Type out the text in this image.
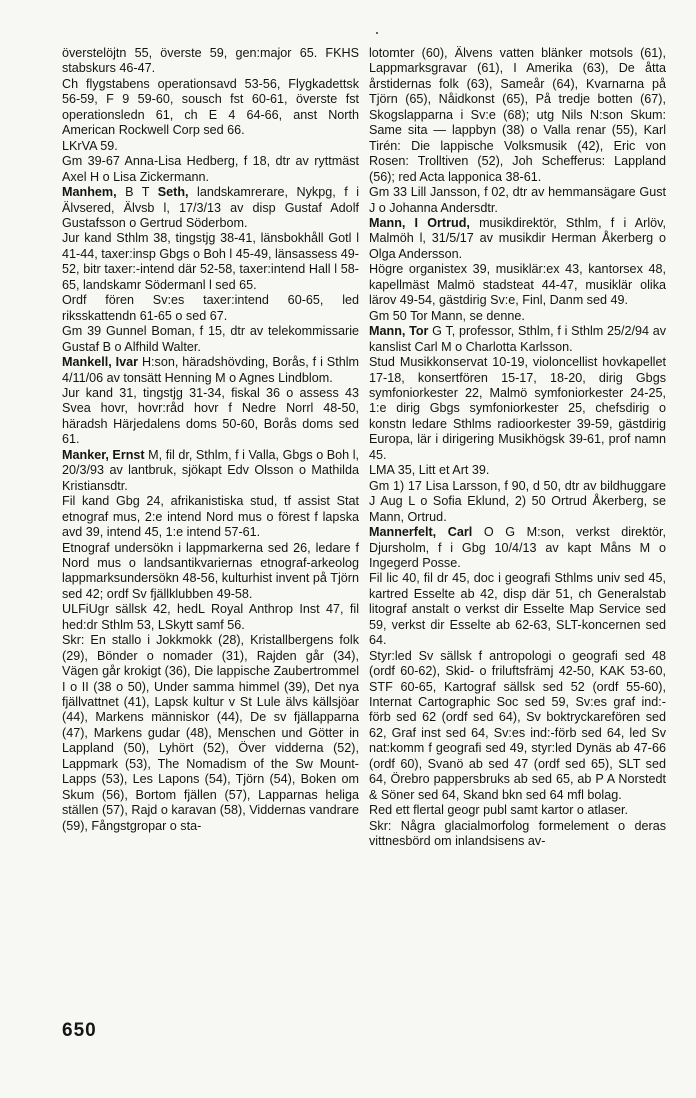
överstelöjtn 55, överste 59, gen:major 65. FKHS stabskurs 46-47.

Ch flygstabens operationsavd 53-56, Flygkadettsk 56-59, F 9 59-60, sousch fst 60-61, överste fst operationsledn 61, ch E 4 64-66, anst North American Rockwell Corp sed 66.

LKrVA 59.

Gm 39-67 Anna-Lisa Hedberg, f 18, dtr av ryttmäst Axel H o Lisa Zickermann.

Manhem, B T Seth, landskamrerare, Nykpg, f i Älvsered, Älvsb l, 17/3/13 av disp Gustaf Adolf Gustafsson o Gertrud Söderbom.

Jur kand Sthlm 38, tingstjg 38-41, länsbokhåll Gotl l 41-44, taxer:insp Gbgs o Boh l 45-49, länsassess 49-52, bitr taxer:-intend där 52-58, taxer:intend Hall l 58-65, landskamr Södermanl l sed 65.

Ordf fören Sv:es taxer:intend 60-65, led riksskattendn 61-65 o sed 67.

Gm 39 Gunnel Boman, f 15, dtr av telekommissarie Gustaf B o Alfhild Walter.

Mankell, Ivar H:son, häradshövding, Borås, f i Sthlm 4/11/06 av tonsätt Henning M o Agnes Lindblom.

Jur kand 31, tingstjg 31-34, fiskal 36 o assess 43 Svea hovr, hovr:råd hovr f Nedre Norrl 48-50, häradsh Härjedalens doms 50-60, Borås doms sed 61.

Manker, Ernst M, fil dr, Sthlm, f i Valla, Gbgs o Boh l, 20/3/93 av lantbruk, sjökapt Edv Olsson o Mathilda Kristiansdtr.

Fil kand Gbg 24, afrikanistiska stud, tf assist Stat etnograf mus, 2:e intend Nord mus o förest f lapska avd 39, intend 45, 1:e intend 57-61.

Etnograf undersökn i lappmarkerna sed 26, ledare f Nord mus o landsantikvariernas etnograf-arkeolog lappmarksundersökn 48-56, kulturhist invent på Tjörn sed 42; ordf Sv fjällklubben 49-58.

ULFiUgr sällsk 42, hedL Royal Anthrop Inst 47, fil hed:dr Sthlm 53, LSkytt samf 56.

Skr: En stallo i Jokkmokk (28), Kristallbergens folk (29), Bönder o nomader (31), Rajden går (34), Vägen går krokigt (36), Die lappische Zaubertrommel I o II (38 o 50), Under samma himmel (39), Det nya fjällvattnet (41), Lapsk kultur v St Lule älvs källsjöar (44), Markens människor (44), De sv fjällapparna (47), Markens gudar (48), Menschen und Götter in Lappland (50), Lyhört (52), Över vidderna (52), Lappmark (53), The Nomadism of the Sw Mount-Lapps (53), Les Lapons (54), Tjörn (54), Boken om Skum (56), Bortom fjällen (57), Lapparnas heliga ställen (57), Rajd o karavan (58), Viddernas vandrare (59), Fångstgropar o sta-

lotomter (60), Älvens vatten blänker motsols (61), Lappmarksgravar (61), I Amerika (63), De åtta årstidernas folk (63), Sameår (64), Kvarnarna på Tjörn (65), Nåidkonst (65), På tredje botten (67), Skogslapparna i Sv:e (68); utg Nils N:son Skum: Same sita — lappbyn (38) o Valla renar (55), Karl Tirén: Die lappische Volksmusik (42), Eric von Rosen: Trolltiven (52), Joh Schefferus: Lappland (56); red Acta lapponica 38-61.

Gm 33 Lill Jansson, f 02, dtr av hemmansägare Gust J o Johanna Andersdtr.

Mann, I Ortrud, musikdirektör, Sthlm, f i Arlöv, Malmöh l, 31/5/17 av musikdir Herman Åkerberg o Olga Andersson.

Högre organistex 39, musiklär:ex 43, kantorsex 48, kapellmäst Malmö stadsteat 44-47, musiklär olika lärov 49-54, gästdirig Sv:e, Finl, Danm sed 49.

Gm 50 Tor Mann, se denne.

Mann, Tor G T, professor, Sthlm, f i Sthlm 25/2/94 av kanslist Carl M o Charlotta Karlsson.

Stud Musikkonservat 10-19, violoncellist hovkapellet 17-18, konsertfören 15-17, 18-20, dirig Gbgs symfoniorkester 22, Malmö symfoniorkester 24-25, 1:e dirig Gbgs symfoniorkester 25, chefsdirig o konstn ledare Sthlms radioorkester 39-59, gästdirig Europa, lär i dirigering Musikhögsk 39-61, prof namn 45.

LMA 35, Litt et Art 39.

Gm 1) 17 Lisa Larsson, f 90, d 50, dtr av bildhuggare J Aug L o Sofia Eklund, 2) 50 Ortrud Åkerberg, se Mann, Ortrud.

Mannerfelt, Carl O G M:son, verkst direktör, Djursholm, f i Gbg 10/4/13 av kapt Måns M o Ingegerd Posse.

Fil lic 40, fil dr 45, doc i geografi Sthlms univ sed 45, kartred Esselte ab 42, disp där 51, ch Generalstab litograf anstalt o verkst dir Esselte Map Service sed 59, verkst dir Esselte ab 62-63, SLT-koncernen sed 64.

Styr:led Sv sällsk f antropologi o geografi sed 48 (ordf 60-62), Skid- o friluftsfrämj 42-50, KAK 53-60, STF 60-65, Kartograf sällsk sed 52 (ordf 55-60), Internat Cartographic Soc sed 59, Sv:es graf ind:-förb sed 62 (ordf sed 64), Sv boktryckarefören sed 62, Graf inst sed 64, Sv:es ind:-förb sed 64, led Sv nat:komm f geografi sed 49, styr:led Dynäs ab 47-66 (ordf 60), Svanö ab sed 47 (ordf sed 65), SLT sed 64, Örebro pappersbruks ab sed 65, ab P A Norstedt & Söner sed 64, Skand bkn sed 64 mfl bolag.

Red ett flertal geogr publ samt kartor o atlaser.

Skr: Några glacialmorfolog formelement o deras vittnesbörd om inlandsisens av-

650
